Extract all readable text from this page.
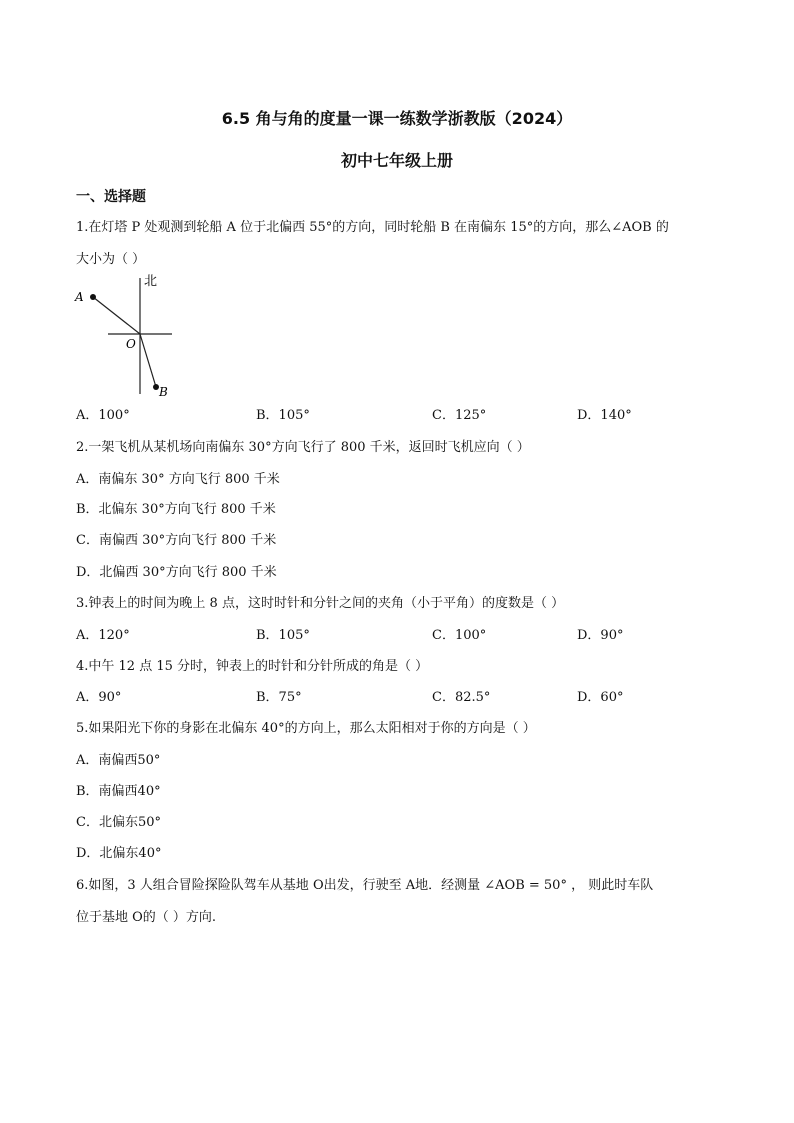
6.5 角与角的度量一课一练数学浙教版（2024）
初中七年级上册
一、选择题
1.在灯塔 P 处观测到轮船 A 位于北偏西 55°的方向，同时轮船 B 在南偏东 15°的方向，那么∠AOB 的
大小为（ ）
北
A
O
B
A．100°	B．105°	C．125°	D．140°
2.一架飞机从某机场向南偏东 30°方向飞行了 800 千米，返回时飞机应向（ ）
A．南偏东 30° 方向飞行 800 千米
B．北偏东 30°方向飞行 800 千米
C．南偏西 30°方向飞行 800 千米
D．北偏西 30°方向飞行 800 千米
3.钟表上的时间为晚上 8 点，这时时针和分针之间的夹角（小于平角）的度数是（ ）
A．120°	B．105°	C．100°	D．90°
4.中午 12 点 15 分时，钟表上的时针和分针所成的角是（ ）
A．90°	B．75°	C．82.5°	D．60°
5.如果阳光下你的身影在北偏东 40°的方向上，那么太阳相对于你的方向是（ ）
A．南偏西50°
B．南偏西40°
C．北偏东50°
D．北偏东40°
6.如图，3 人组合冒险探险队驾车从基地 O出发，行驶至 A地．经测量 ∠AOB = 50° ， 则此时车队
位于基地 O的（ ）方向.
